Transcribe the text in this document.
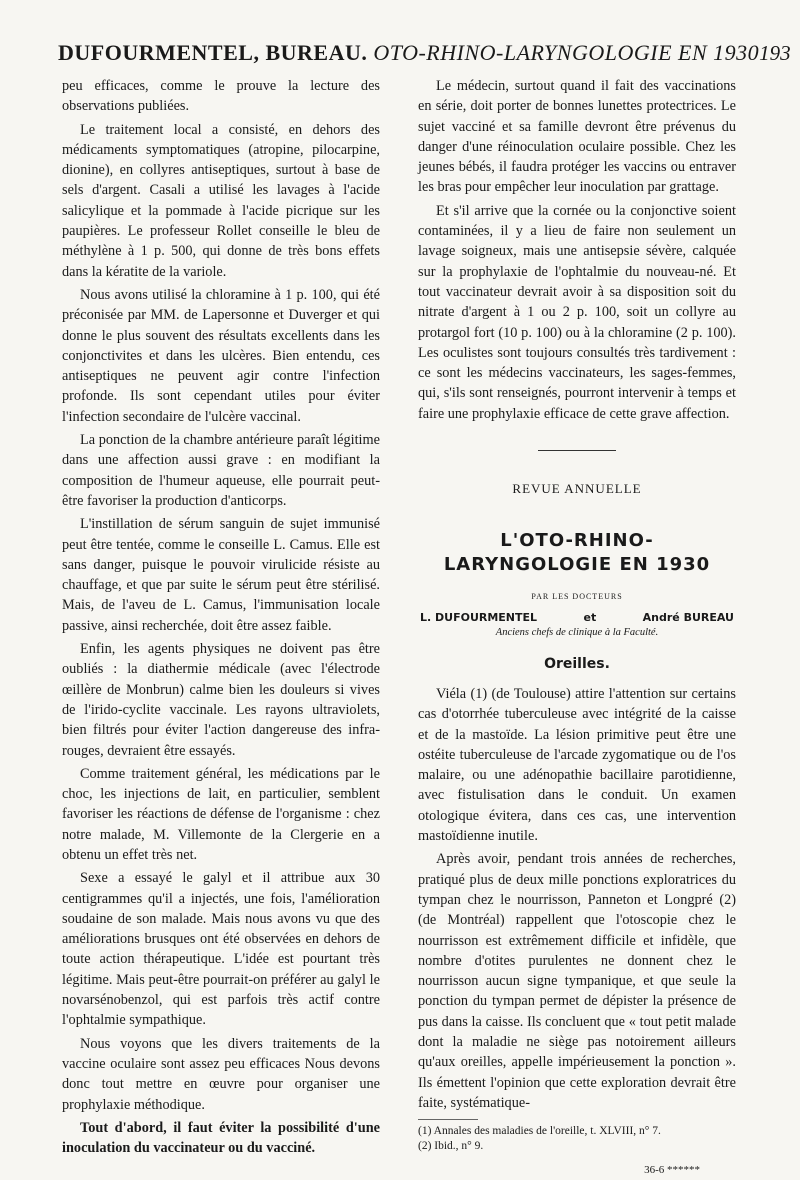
DUFOURMENTEL, BUREAU. OTO-RHINO-LARYNGOLOGIE EN 1930 193

peu efficaces, comme le prouve la lecture des observations publiées.

Le traitement local a consisté, en dehors des médicaments symptomatiques (atropine, pilocarpine, dionine), en collyres antiseptiques, surtout à base de sels d'argent. Casali a utilisé les lavages à l'acide salicylique et la pommade à l'acide picrique sur les paupières. Le professeur Rollet conseille le bleu de méthylène à 1 p. 500, qui donne de très bons effets dans la kératite de la variole.

Nous avons utilisé la chloramine à 1 p. 100, qui été préconisée par MM. de Lapersonne et Duverger et qui donne le plus souvent des résultats excellents dans les conjonctivites et dans les ulcères. Bien entendu, ces antiseptiques ne peuvent agir contre l'infection profonde. Ils sont cependant utiles pour éviter l'infection secondaire de l'ulcère vaccinal.

La ponction de la chambre antérieure paraît légitime dans une affection aussi grave : en modifiant la composition de l'humeur aqueuse, elle pourrait peut-être favoriser la production d'anticorps.

L'instillation de sérum sanguin de sujet immunisé peut être tentée, comme le conseille L. Camus. Elle est sans danger, puisque le pouvoir virulicide résiste au chauffage, et que par suite le sérum peut être stérilisé. Mais, de l'aveu de L. Camus, l'immunisation locale passive, ainsi recherchée, doit être assez faible.

Enfin, les agents physiques ne doivent pas être oubliés : la diathermie médicale (avec l'électrode œillère de Monbrun) calme bien les douleurs si vives de l'irido-cyclite vaccinale. Les rayons ultraviolets, bien filtrés pour éviter l'action dangereuse des infra-rouges, devraient être essayés.

Comme traitement général, les médications par le choc, les injections de lait, en particulier, semblent favoriser les réactions de défense de l'organisme : chez notre malade, M. Villemonte de la Clergerie en a obtenu un effet très net.

Sexe a essayé le galyl et il attribue aux 30 centigrammes qu'il a injectés, une fois, l'amélioration soudaine de son malade. Mais nous avons vu que des améliorations brusques ont été observées en dehors de toute action thérapeutique. L'idée est pourtant très légitime. Mais peut-être pourrait-on préférer au galyl le novarsénobenzol, qui est parfois très actif contre l'ophtalmie sympathique.

Nous voyons que les divers traitements de la vaccine oculaire sont assez peu efficaces Nous devons donc tout mettre en œuvre pour organiser une prophylaxie méthodique.

Tout d'abord, il faut éviter la possibilité d'une inoculation du vaccinateur ou du vacciné.

Le médecin, surtout quand il fait des vaccinations en série, doit porter de bonnes lunettes protectrices. Le sujet vacciné et sa famille devront être prévenus du danger d'une réinoculation oculaire possible. Chez les jeunes bébés, il faudra protéger les vaccins ou entraver les bras pour empêcher leur inoculation par grattage.

Et s'il arrive que la cornée ou la conjonctive soient contaminées, il y a lieu de faire non seulement un lavage soigneux, mais une antisepsie sévère, calquée sur la prophylaxie de l'ophtalmie du nouveau-né. Et tout vaccinateur devrait avoir à sa disposition soit du nitrate d'argent à 1 ou 2 p. 100, soit un collyre au protargol fort (10 p. 100) ou à la chloramine (2 p. 100). Les oculistes sont toujours consultés très tardivement : ce sont les médecins vaccinateurs, les sages-femmes, qui, s'ils sont renseignés, pourront intervenir à temps et faire une prophylaxie efficace de cette grave affection.

REVUE ANNUELLE
L'OTO-RHINO-
LARYNGOLOGIE EN 1930
PAR LES DOCTEURS
L. DUFOURMENTEL	et	André BUREAU
Anciens chefs de clinique à la Faculté.
Oreilles.

Viéla (1) (de Toulouse) attire l'attention sur certains cas d'otorrhée tuberculeuse avec intégrité de la caisse et de la mastoïde. La lésion primitive peut être une ostéite tuberculeuse de l'arcade zygomatique ou de l'os malaire, ou une adénopathie bacillaire parotidienne, avec fistulisation dans le conduit. Un examen otologique évitera, dans ces cas, une intervention mastoïdienne inutile.

Après avoir, pendant trois années de recherches, pratiqué plus de deux mille ponctions exploratrices du tympan chez le nourrisson, Panneton et Longpré (2) (de Montréal) rappellent que l'otoscopie chez le nourrisson est extrêmement difficile et infidèle, que nombre d'otites purulentes ne donnent chez le nourrisson aucun signe tympanique, et que seule la ponction du tympan permet de dépister la présence de pus dans la caisse. Ils concluent que « tout petit malade dont la maladie ne siège pas notoirement ailleurs qu'aux oreilles, appelle impérieusement la ponction ». Ils émettent l'opinion que cette exploration devrait être faite, systématique-

(1) Annales des maladies de l'oreille, t. XLVIII, n° 7.
(2) Ibid., n° 9.
36-6 ******
